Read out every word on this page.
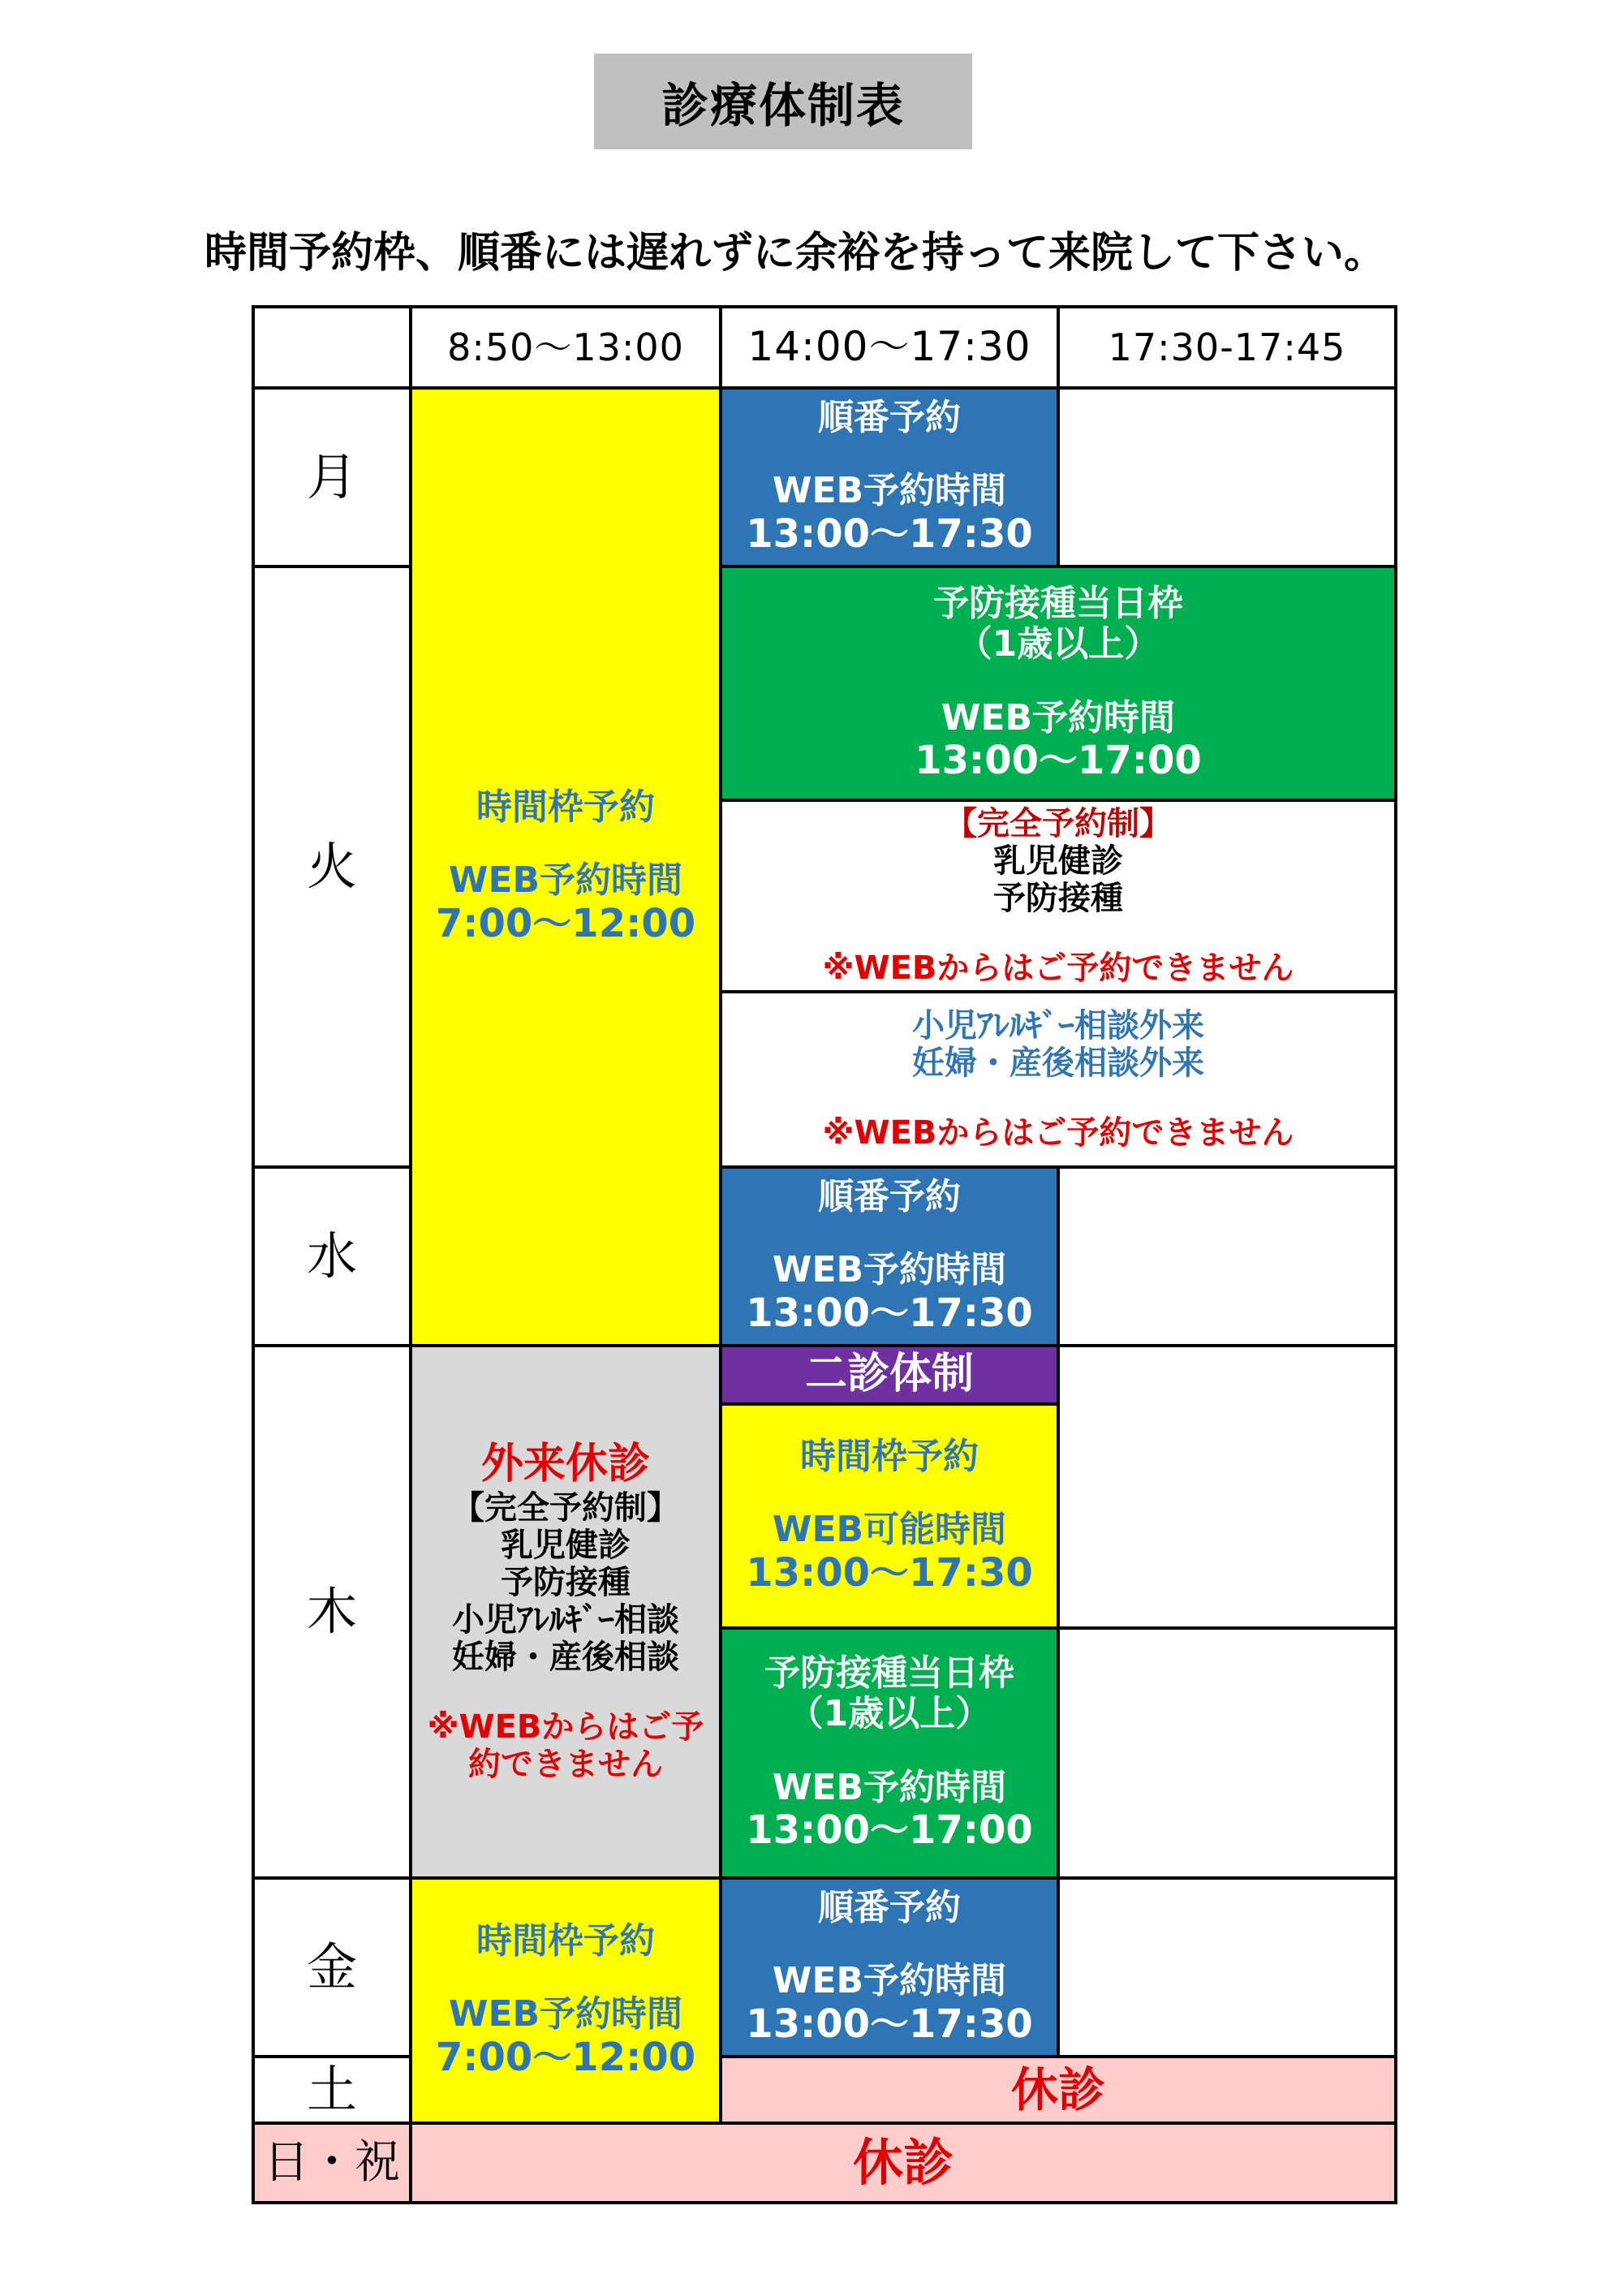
診療体制表
時間予約枠、順番には遅れずに余裕を持って来院して下さい。
8:50〜13:00	14:00〜17:30	17:30-17:45
月
火
水
木
金
土
日・祝
時間枠予約
WEB予約時間
7:00〜12:00
順番予約
WEB予約時間
13:00〜17:30
予防接種当日枠
（1歳以上）
WEB予約時間
13:00〜17:00
【完全予約制】
乳児健診
予防接種
※WEBからはご予約できません
小児ｱﾚﾙｷﾞｰ相談外来
妊婦・産後相談外来
※WEBからはご予約できません
順番予約
WEB予約時間
13:00〜17:30
外来休診
【完全予約制】
乳児健診
予防接種
小児ｱﾚﾙｷﾞｰ相談
妊婦・産後相談
※WEBからはご予
約できません
二診体制
時間枠予約
WEB可能時間
13:00〜17:30
予防接種当日枠
（1歳以上）
WEB予約時間
13:00〜17:00
時間枠予約
WEB予約時間
7:00〜12:00
順番予約
WEB予約時間
13:00〜17:30
休診
休診
